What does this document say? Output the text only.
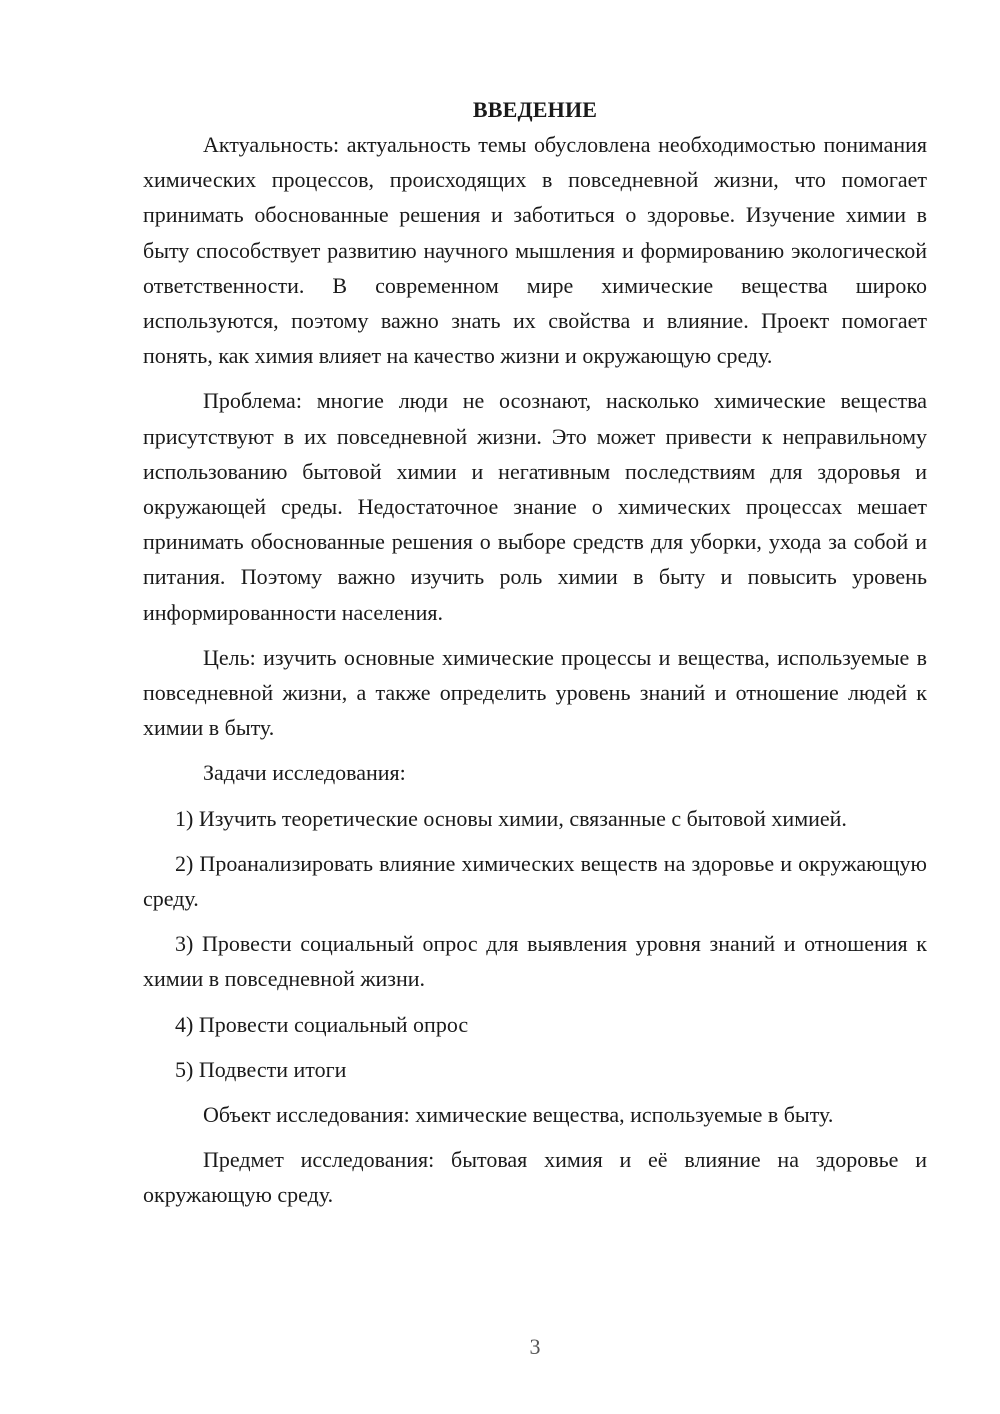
ВВЕДЕНИЕ

Актуальность: актуальность темы обусловлена необходимостью понимания химических процессов, происходящих в повседневной жизни, что помогает принимать обоснованные решения и заботиться о здоровье. Изучение химии в быту способствует развитию научного мышления и формированию экологической ответственности. В современном мире химические вещества широко используются, поэтому важно знать их свойства и влияние. Проект помогает понять, как химия влияет на качество жизни и окружающую среду.

Проблема: многие люди не осознают, насколько химические вещества присутствуют в их повседневной жизни. Это может привести к неправильному использованию бытовой химии и негативным последствиям для здоровья и окружающей среды. Недостаточное знание о химических процессах мешает принимать обоснованные решения о выборе средств для уборки, ухода за собой и питания. Поэтому важно изучить роль химии в быту и повысить уровень информированности населения.

Цель: изучить основные химические процессы и вещества, используемые в повседневной жизни, а также определить уровень знаний и отношение людей к химии в быту.

Задачи исследования:

1) Изучить теоретические основы химии, связанные с бытовой химией.

2) Проанализировать влияние химических веществ на здоровье и окружающую среду.

3) Провести социальный опрос для выявления уровня знаний и отношения к химии в повседневной жизни.

4) Провести социальный опрос

5) Подвести итоги

Объект исследования: химические вещества, используемые в быту.

Предмет исследования: бытовая химия и её влияние на здоровье и окружающую среду.

3
